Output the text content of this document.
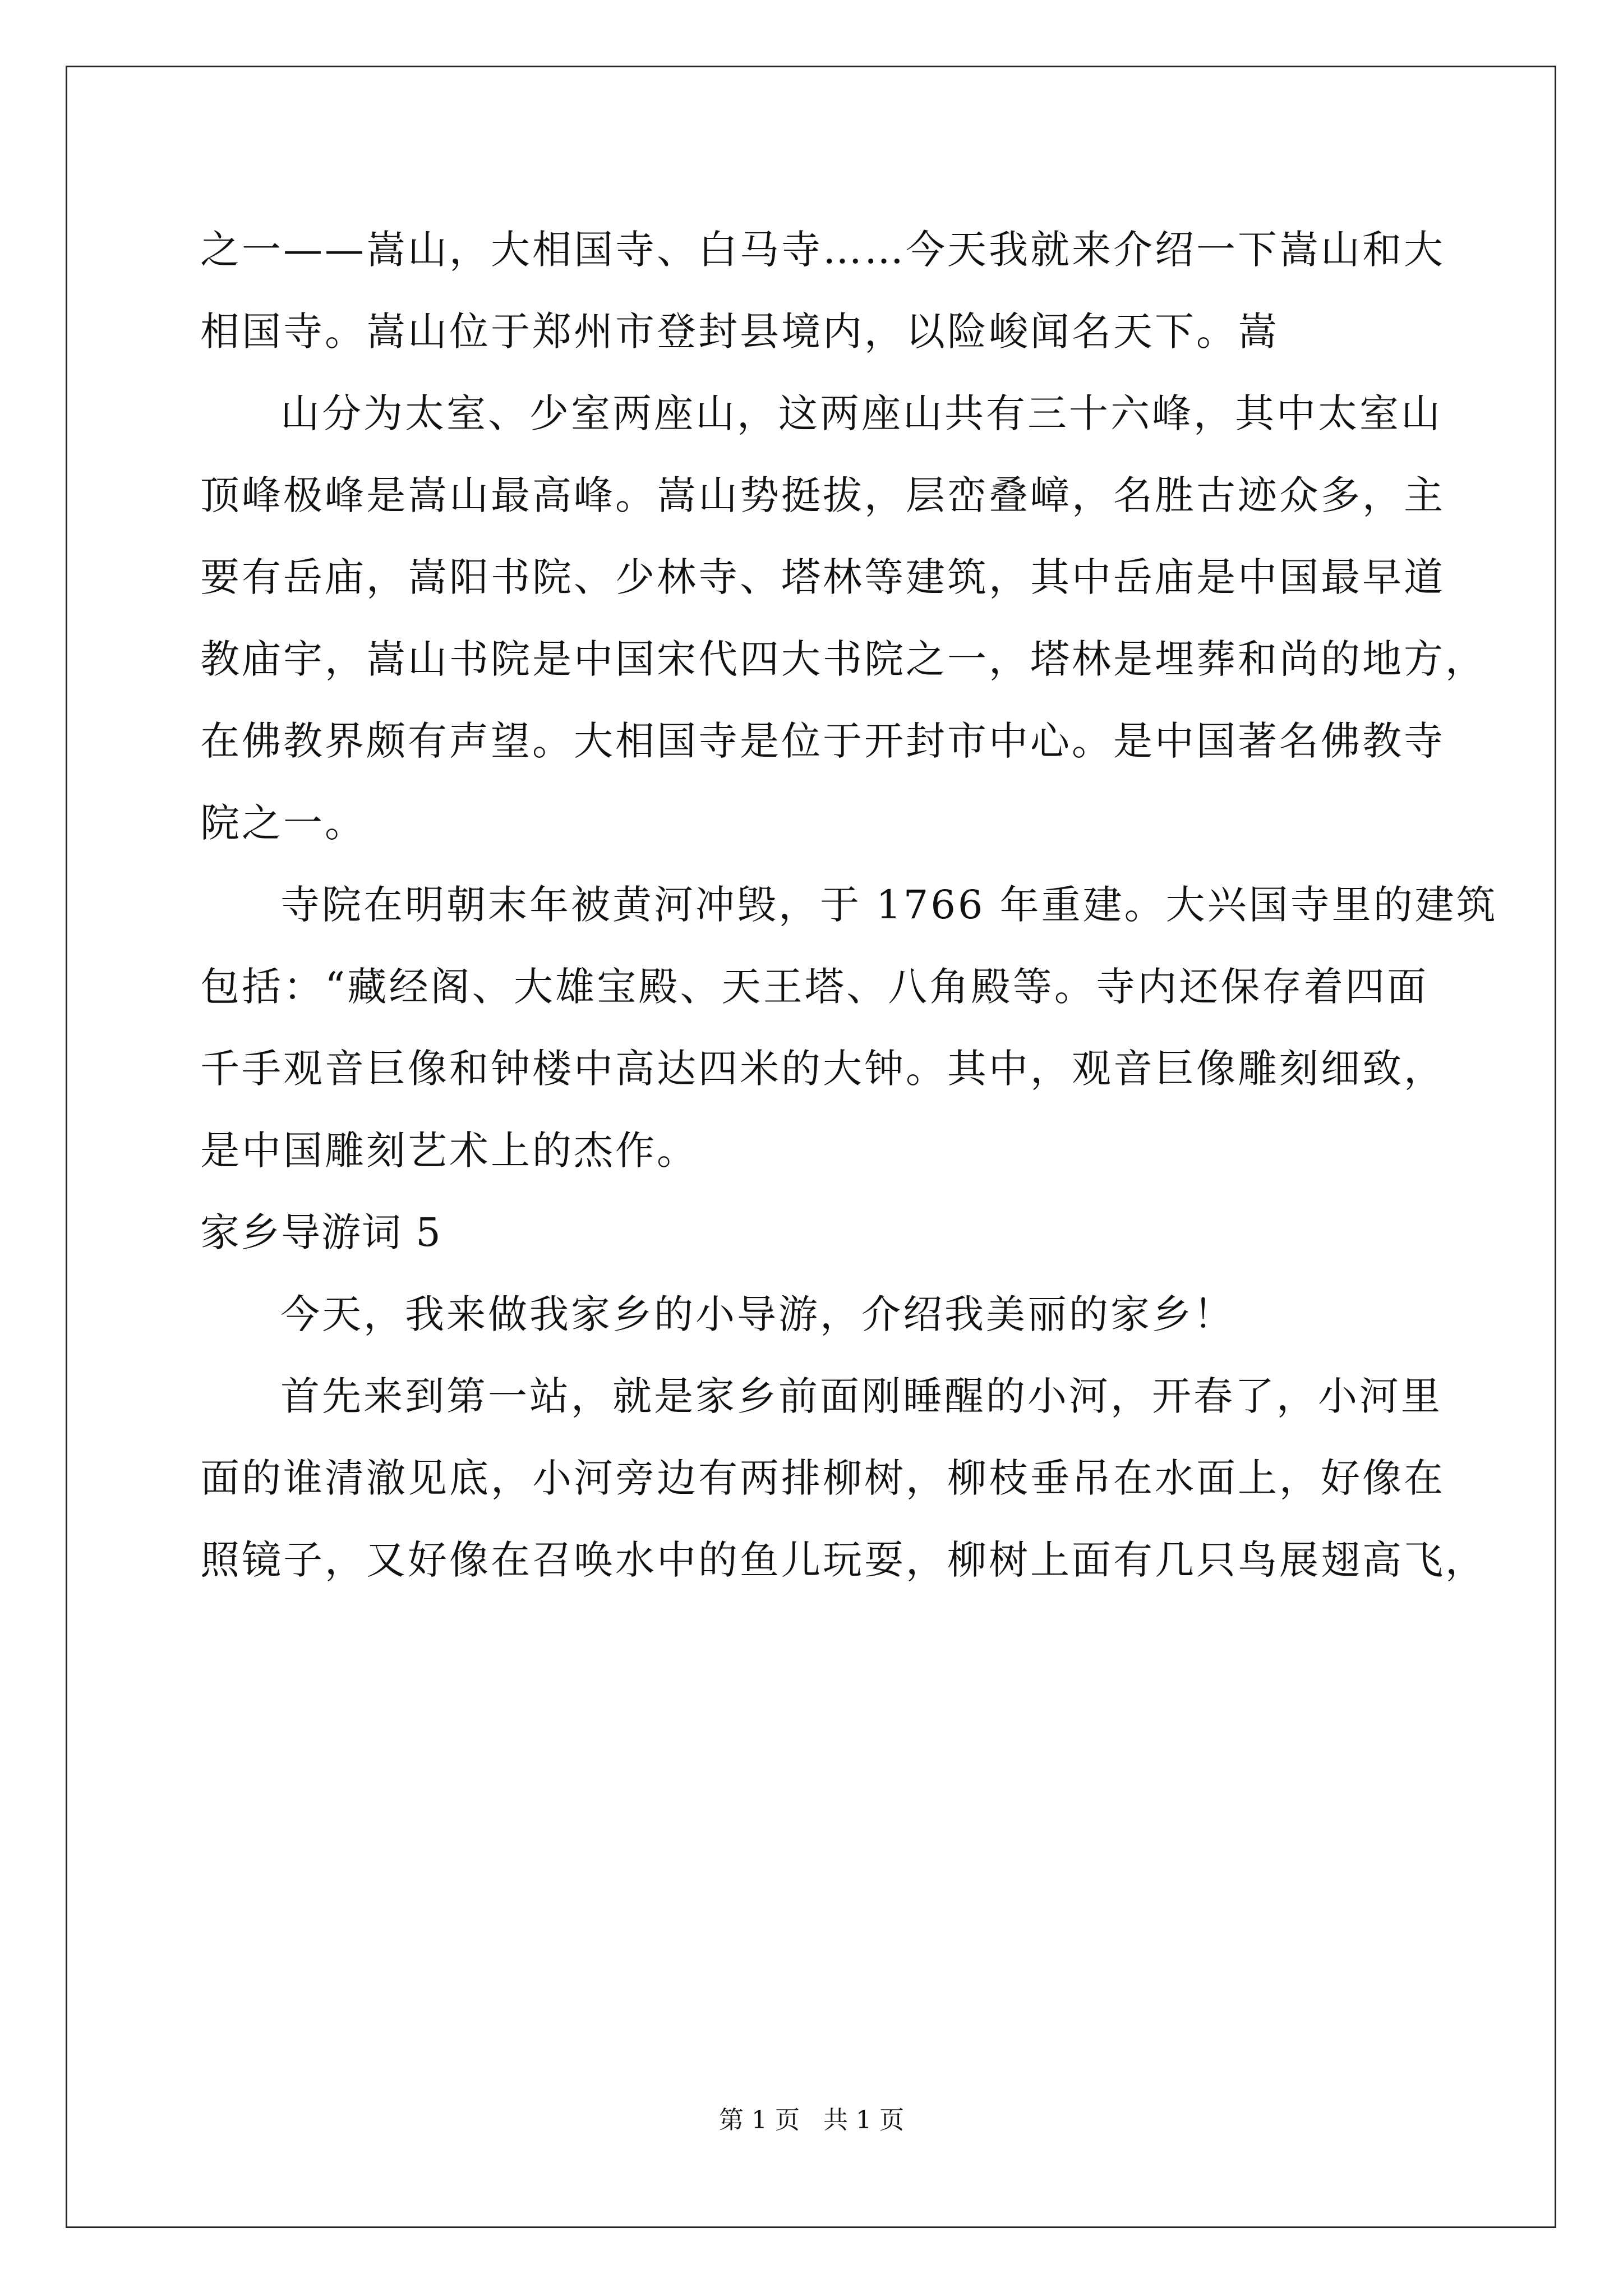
之一——嵩山，大相国寺、白马寺……今天我就来介绍一下嵩山和大
相国寺。嵩山位于郑州市登封县境内，以险峻闻名天下。嵩
山分为太室、少室两座山，这两座山共有三十六峰，其中太室山
顶峰极峰是嵩山最高峰。嵩山势挺拔，层峦叠嶂，名胜古迹众多，主
要有岳庙，嵩阳书院、少林寺、塔林等建筑，其中岳庙是中国最早道
教庙宇，嵩山书院是中国宋代四大书院之一，塔林是埋葬和尚的地方，
在佛教界颇有声望。大相国寺是位于开封市中心。是中国著名佛教寺
院之一。
寺院在明朝末年被黄河冲毁，于 1766 年重建。大兴国寺里的建筑
包括：“藏经阁、大雄宝殿、天王塔、八角殿等。寺内还保存着四面
千手观音巨像和钟楼中高达四米的大钟。其中，观音巨像雕刻细致，
是中国雕刻艺术上的杰作。
家乡导游词 5
今天，我来做我家乡的小导游，介绍我美丽的家乡！
首先来到第一站，就是家乡前面刚睡醒的小河，开春了，小河里
面的谁清澈见底，小河旁边有两排柳树，柳枝垂吊在水面上，好像在
照镜子，又好像在召唤水中的鱼儿玩耍，柳树上面有几只鸟展翅高飞，
第 1 页 共 1 页
